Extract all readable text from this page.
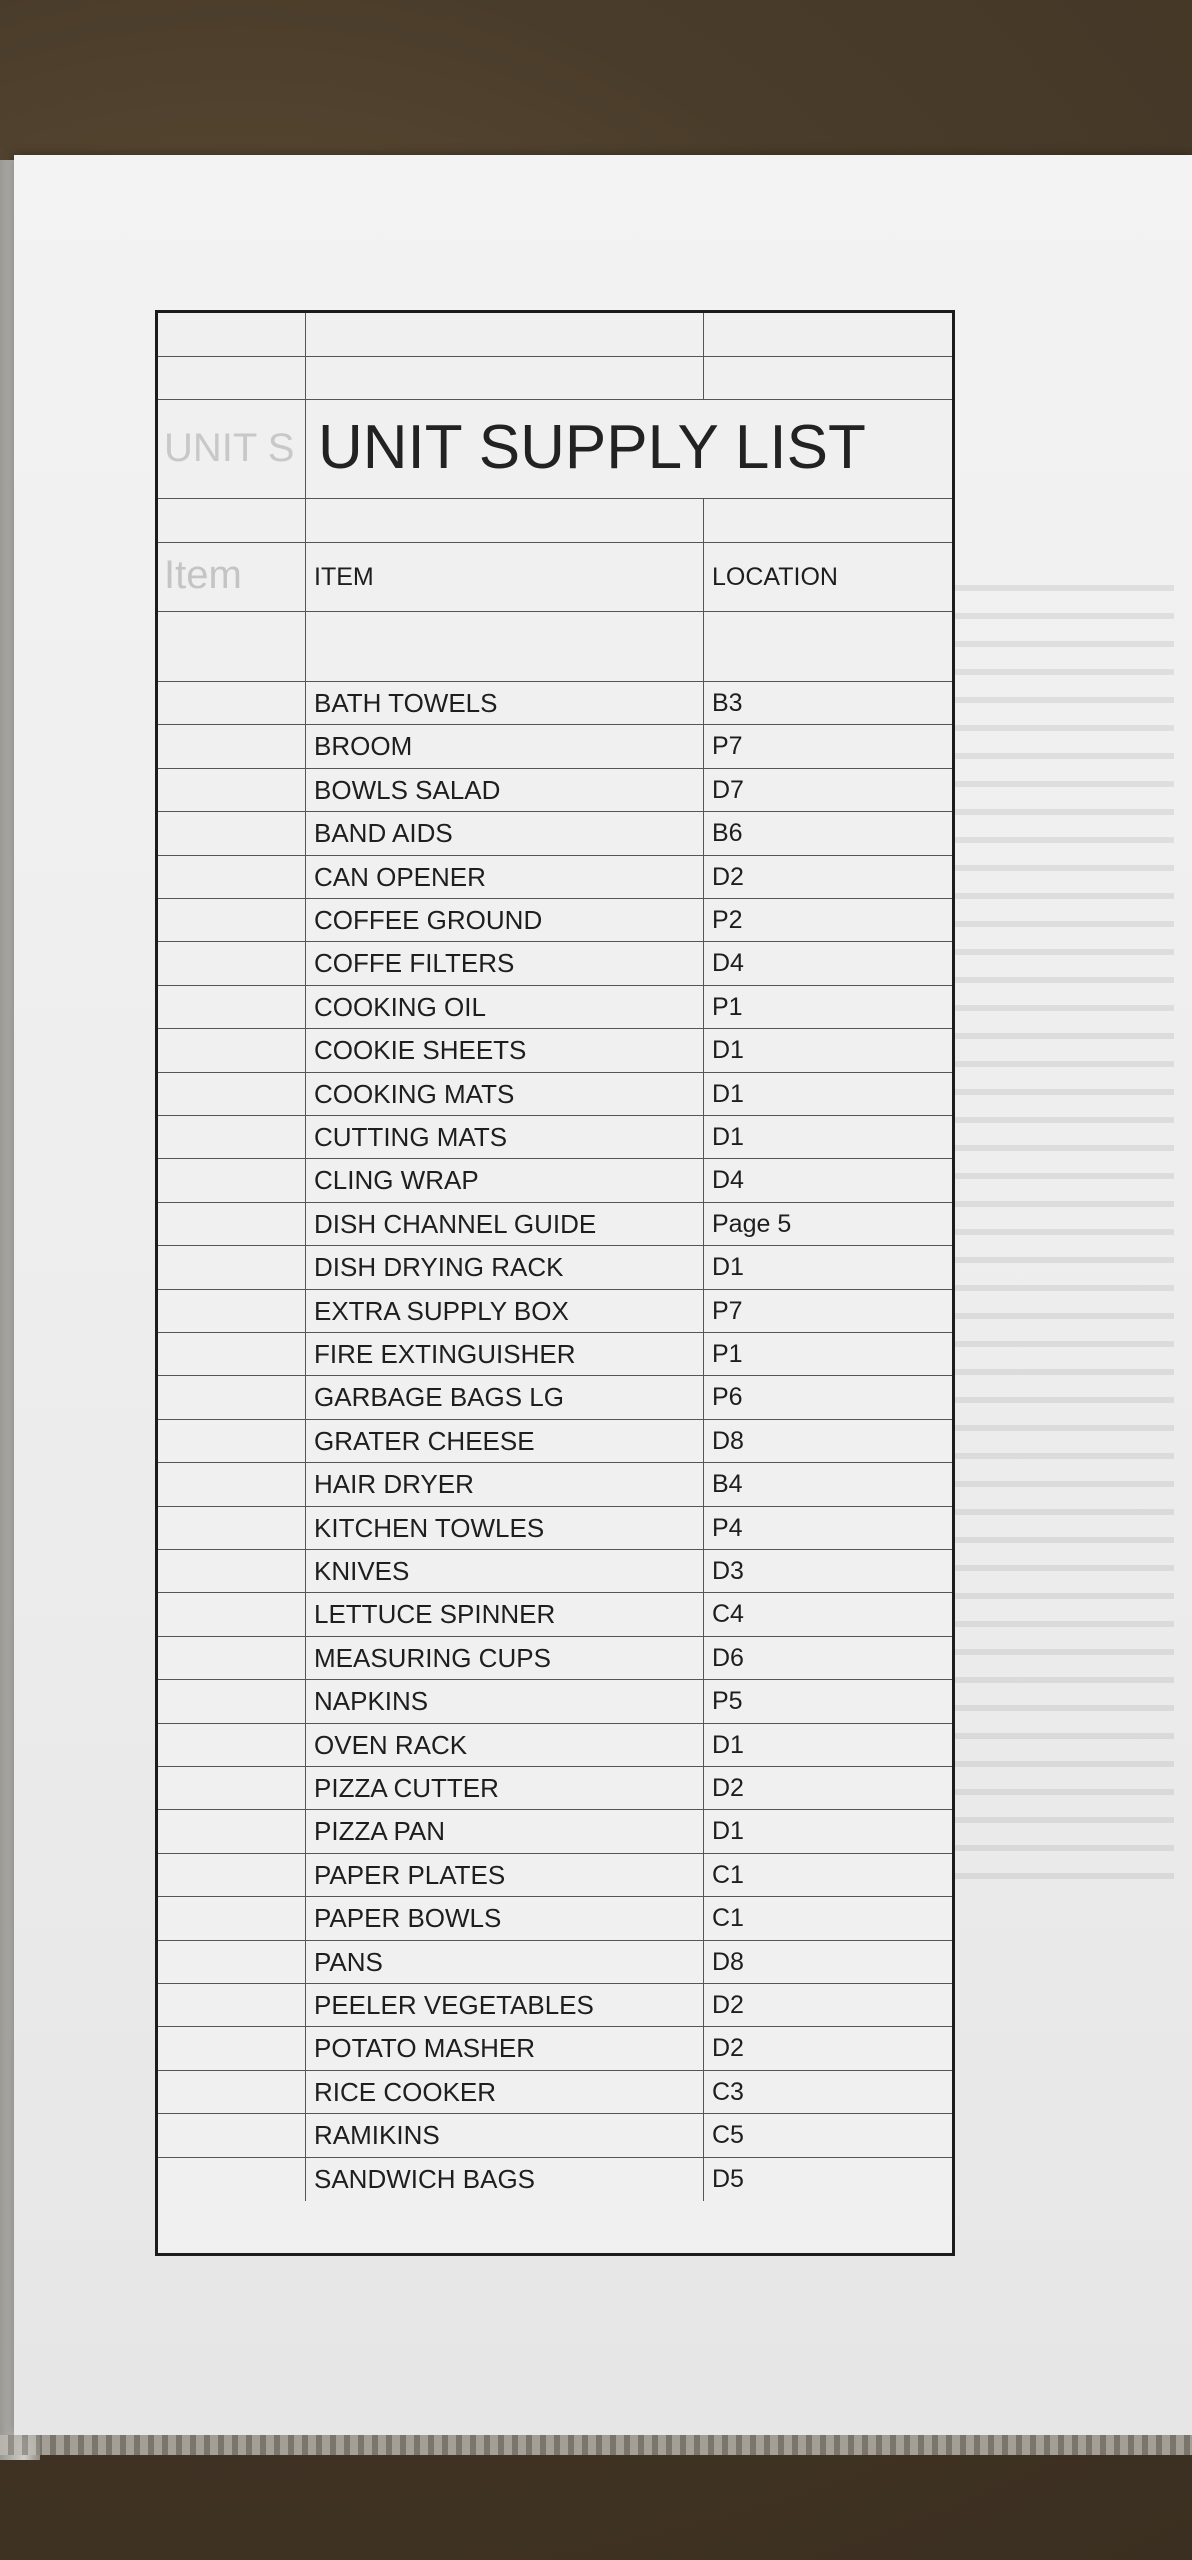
UNIT S UNIT SUPPLY LIST
Item	ITEM	LOCATION
BATH TOWELS	B3
BROOM	P7
BOWLS SALAD	D7
BAND AIDS	B6
CAN OPENER	D2
COFFEE GROUND	P2
COFFE FILTERS	D4
COOKING OIL	P1
COOKIE SHEETS	D1
COOKING MATS	D1
CUTTING MATS	D1
CLING WRAP	D4
DISH CHANNEL GUIDE	Page 5
DISH DRYING RACK	D1
EXTRA SUPPLY BOX	P7
FIRE EXTINGUISHER	P1
GARBAGE BAGS LG	P6
GRATER CHEESE	D8
HAIR DRYER	B4
KITCHEN TOWLES	P4
KNIVES	D3
LETTUCE SPINNER	C4
MEASURING CUPS	D6
NAPKINS	P5
OVEN RACK	D1
PIZZA CUTTER	D2
PIZZA PAN	D1
PAPER PLATES	C1
PAPER BOWLS	C1
PANS	D8
PEELER VEGETABLES	D2
POTATO MASHER	D2
RICE COOKER	C3
RAMIKINS	C5
SANDWICH BAGS	D5
